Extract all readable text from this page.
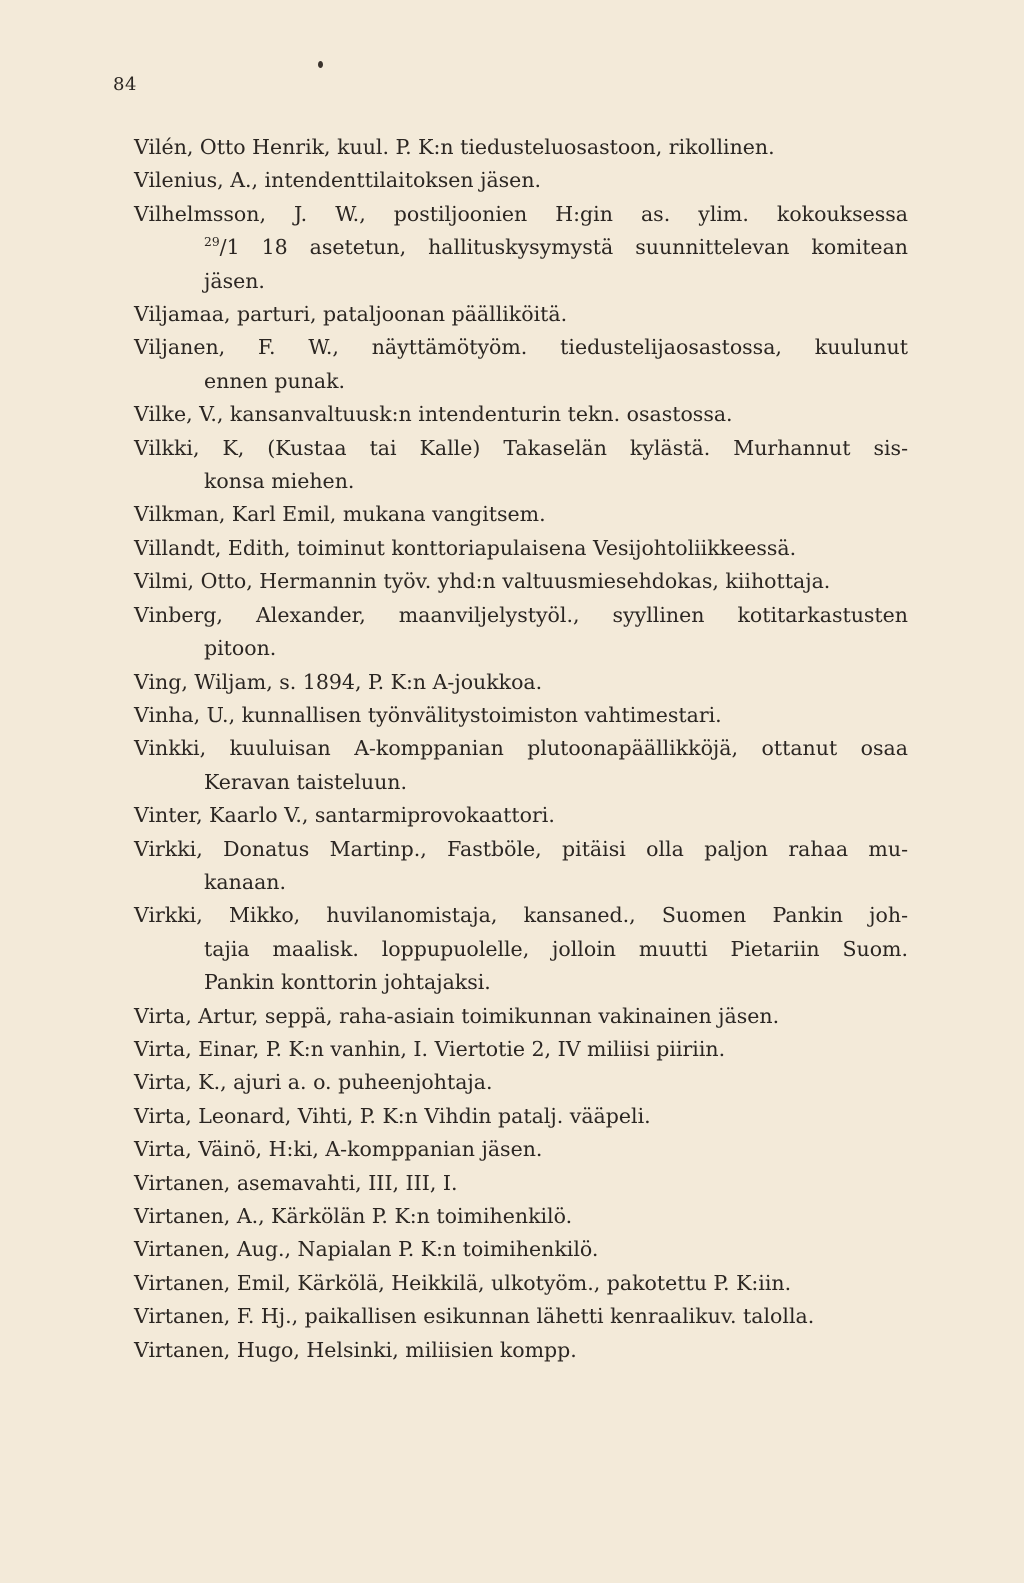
84

Vilén, Otto Henrik, kuul. P. K:n tiedusteluosastoon, rikollinen.

Vilenius, A., intendenttilaitoksen jäsen.

Vilhelmsson, J. W., postiljoonien H:gin as. ylim. kokouksessa
$^{29}$/1 18 asetetun, hallituskysymystä suunnittelevan komitean
jäsen.

Viljamaa, parturi, pataljoonan päälliköitä.

Viljanen, F. W., näyttämötyöm. tiedustelijaosastossa, kuulunut
ennen punak.

Vilke, V., kansanvaltuusk:n intendenturin tekn. osastossa.

Vilkki, K, (Kustaa tai Kalle) Takaselän kylästä. Murhannut sis-
konsa miehen.

Vilkman, Karl Emil, mukana vangitsem.

Villandt, Edith, toiminut konttoriapulaisena Vesijohtoliikkeessä.

Vilmi, Otto, Hermannin työv. yhd:n valtuusmiesehdokas, kiihottaja.

Vinberg, Alexander, maanviljelystyöl., syyllinen kotitarkastusten
pitoon.

Ving, Wiljam, s. 1894, P. K:n A-joukkoa.

Vinha, U., kunnallisen työnvälitystoimiston vahtimestari.

Vinkki, kuuluisan A-komppanian plutoonapäällikköjä, ottanut osaa
Keravan taisteluun.

Vinter, Kaarlo V., santarmiprovokaattori.

Virkki, Donatus Martinp., Fastböle, pitäisi olla paljon rahaa mu-
kanaan.

Virkki, Mikko, huvilanomistaja, kansaned., Suomen Pankin joh-
tajia maalisk. loppupuolelle, jolloin muutti Pietariin Suom.
Pankin konttorin johtajaksi.

Virta, Artur, seppä, raha-asiain toimikunnan vakinainen jäsen.

Virta, Einar, P. K:n vanhin, I. Viertotie 2, IV miliisi piiriin.

Virta, K., ajuri a. o. puheenjohtaja.

Virta, Leonard, Vihti, P. K:n Vihdin patalj. vääpeli.

Virta, Väinö, H:ki, A-komppanian jäsen.

Virtanen, asemavahti, III, III, I.

Virtanen, A., Kärkölän P. K:n toimihenkilö.

Virtanen, Aug., Napialan P. K:n toimihenkilö.

Virtanen, Emil, Kärkölä, Heikkilä, ulkotyöm., pakotettu P. K:iin.

Virtanen, F. Hj., paikallisen esikunnan lähetti kenraalikuv. talolla.

Virtanen, Hugo, Helsinki, miliisien kompp.
